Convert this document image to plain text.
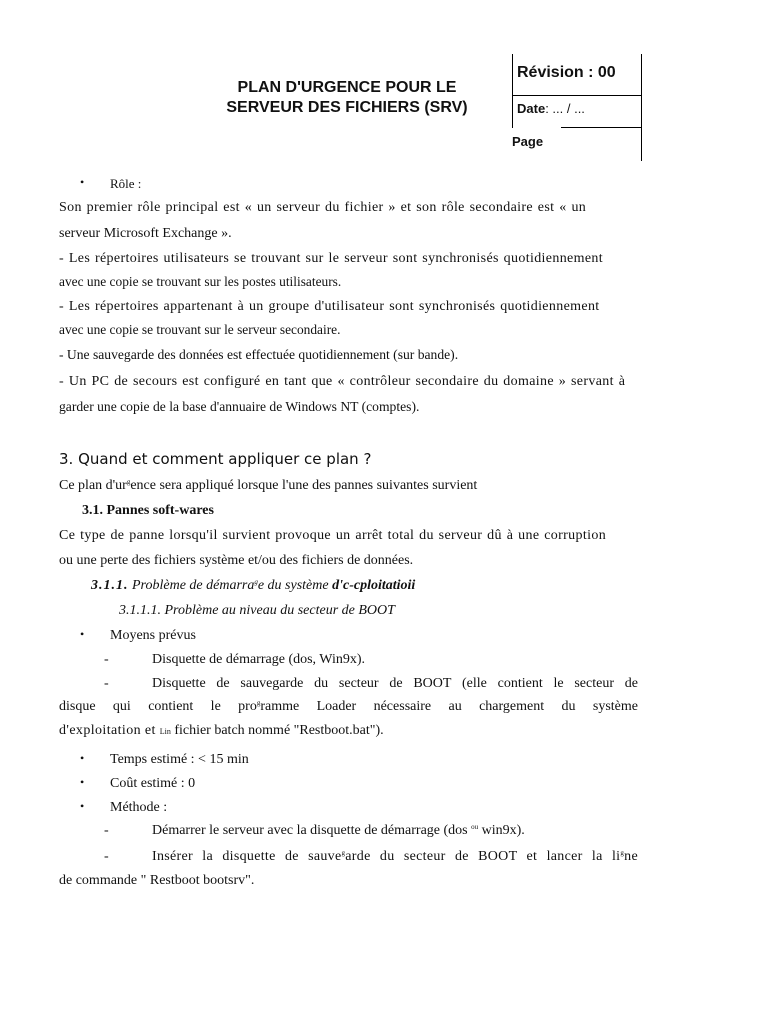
PLAN D'URGENCE POUR LE
SERVEUR DES FICHIERS (SRV)
Révision : 00
Date: ... / ...
Page
• Rôle :
Son premier rôle principal est « un serveur du fichier » et son rôle secondaire est « un
serveur Microsoft Exchange ».
- Les répertoires utilisateurs se trouvant sur le serveur sont synchronisés quotidiennement
avec une copie se trouvant sur les postes utilisateurs.
- Les répertoires appartenant à un groupe d'utilisateur sont synchronisés quotidiennement
avec une copie se trouvant sur le serveur secondaire.
- Une sauvegarde des données est effectuée quotidiennement (sur bande).
- Un PC de secours est configuré en tant que « contrôleur secondaire du domaine » servant à
garder une copie de la base d'annuaire de Windows NT (comptes).
3. Quand et comment appliquer ce plan ?
Ce plan $d'ur^gence$ sera appliqué lorsque l'une des pannes suivantes survient
3.1. Pannes soft-wares
Ce type de panne lorsqu'il survient provoque un arrêt total du serveur dû à une corruption
ou une perte des fichiers système et/ou des fichiers de données.
3.1.1. Problème de démarra$^g$e du système d'c-cploitatioii
3.1.1.1. Problème au niveau du secteur de BOOT
• Moyens prévus
-	Disquette de démarrage (dos, Win9x).
-	Disquette de sauvegarde du secteur de BOOT (elle contient le secteur de
disque qui contient le pro$^g$ramme Loader nécessaire au chargement du système
d'exploitation et Lin fichier batch nommé "Restboot.bat").
• Temps estimé : < 15 min
• Coût estimé : 0
• Méthode :
-	Démarrer le serveur avec la disquette de démarrage (dos $^{ou}$ win9x).
-	Insérer la disquette de sauve$^g$arde du secteur de BOOT et lancer la $li^gne$
de commande " Restboot bootsrv".
